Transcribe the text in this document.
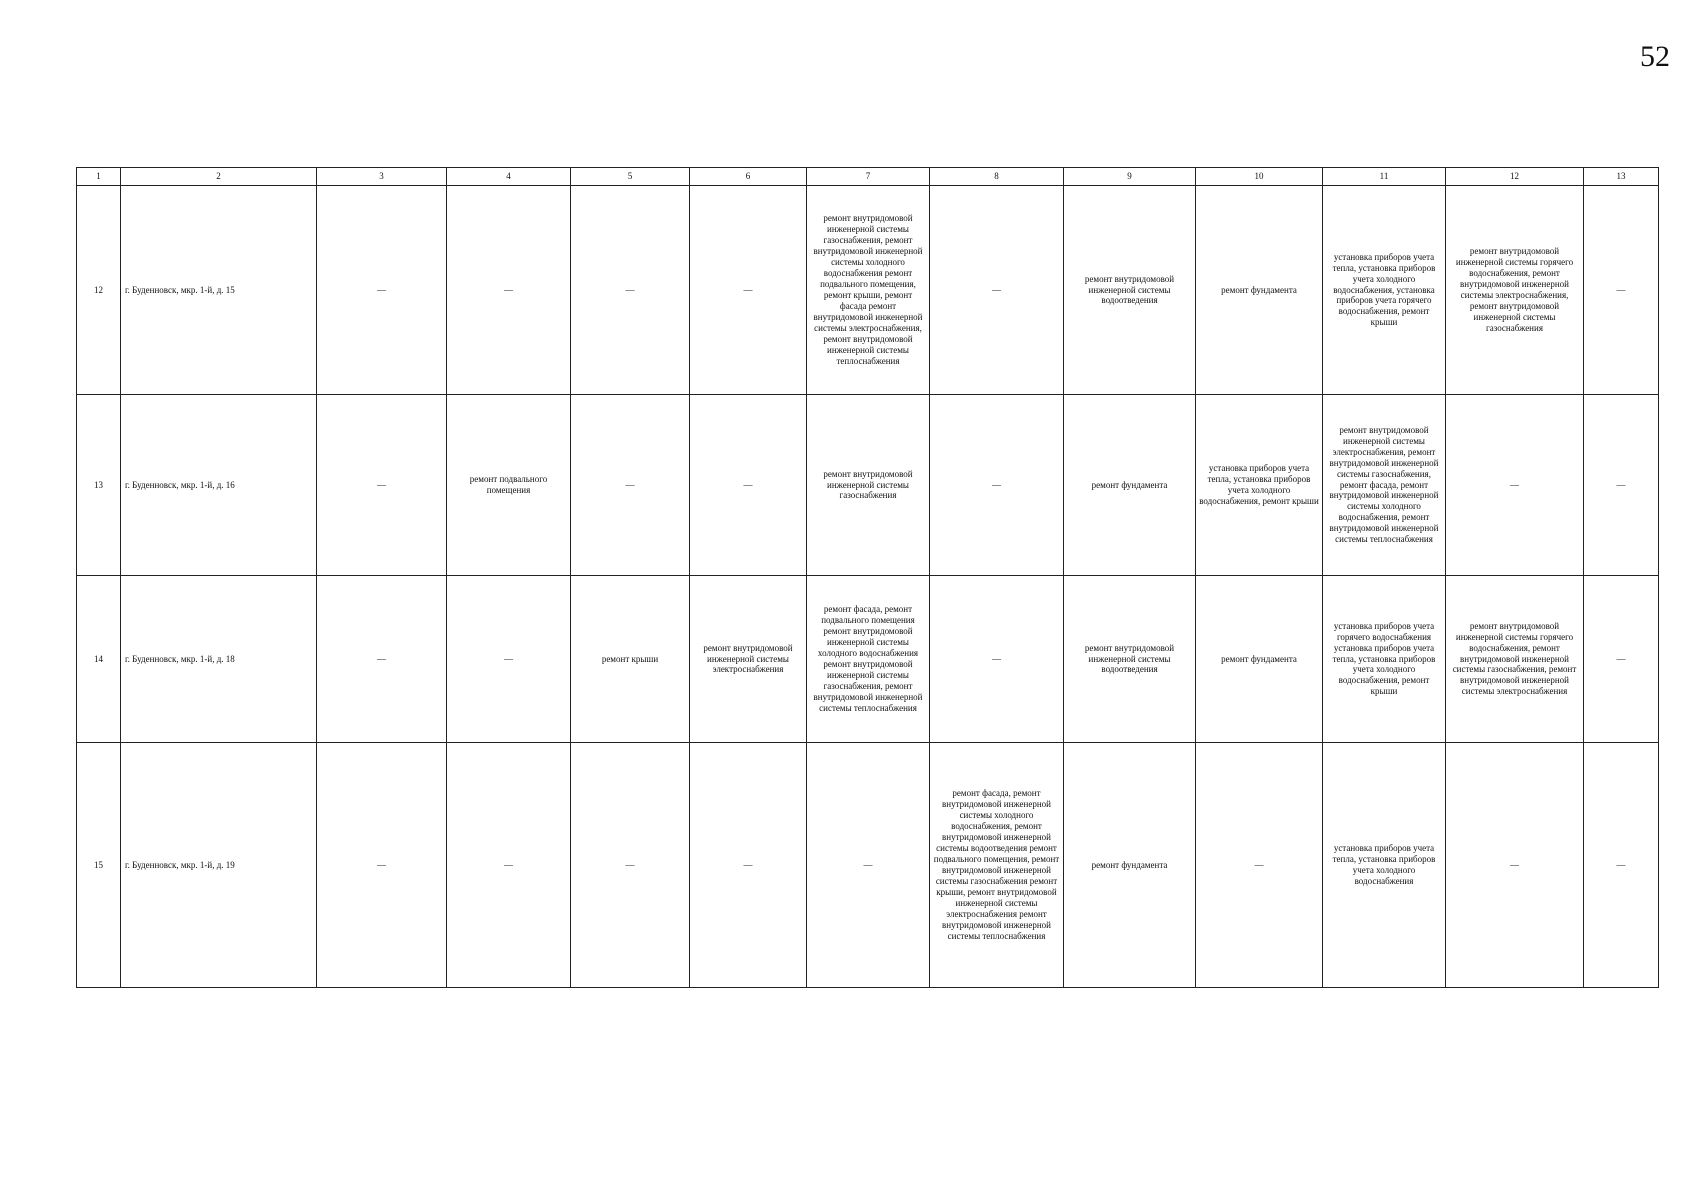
52
1	2	3	4	5	6	7	8	9	10	11	12	13
12	г. Буденновск, мкр. 1-й, д. 15	—	—	—	—	ремонт внутридомовой инженерной системы газоснабжения, ремонт внутридомовой инженерной системы холодного водоснабжения ремонт подвального помещения, ремонт крыши, ремонт фасада ремонт внутридомовой инженерной системы электроснабжения, ремонт внутридомовой инженерной системы теплоснабжения	—	ремонт внутридомовой инженерной системы водоотведения	ремонт фундамента	установка приборов учета тепла, установка приборов учета холодного водоснабжения, установка приборов учета горячего водоснабжения, ремонт крыши	ремонт внутридомовой инженерной системы горячего водоснабжения, ремонт внутридомовой инженерной системы электроснабжения, ремонт внутридомовой инженерной системы газоснабжения	—
13	г. Буденновск, мкр. 1-й, д. 16	—	ремонт подвального помещения	—	—	ремонт внутридомовой инженерной системы газоснабжения	—	ремонт фундамента	установка приборов учета тепла, установка приборов учета холодного водоснабжения, ремонт крыши	ремонт внутридомовой инженерной системы электроснабжения, ремонт внутридомовой инженерной системы газоснабжения, ремонт фасада, ремонт внутридомовой инженерной системы холодного водоснабжения, ремонт внутридомовой инженерной системы теплоснабжения	—	—
14	г. Буденновск, мкр. 1-й, д. 18	—	—	ремонт крыши	ремонт внутридомовой инженерной системы электроснабжения	ремонт фасада, ремонт подвального помещения ремонт внутридомовой инженерной системы холодного водоснабжения ремонт внутридомовой инженерной системы газоснабжения, ремонт внутридомовой инженерной системы теплоснабжения	—	ремонт внутридомовой инженерной системы водоотведения	ремонт фундамента	установка приборов учета горячего водоснабжения установка приборов учета тепла, установка приборов учета холодного водоснабжения, ремонт крыши	ремонт внутридомовой инженерной системы горячего водоснабжения, ремонт внутридомовой инженерной системы газоснабжения, ремонт внутридомовой инженерной системы электроснабжения	—
15	г. Буденновск, мкр. 1-й, д. 19	—	—	—	—	—	ремонт фасада, ремонт внутридомовой инженерной системы холодного водоснабжения, ремонт внутридомовой инженерной системы водоотведения ремонт подвального помещения, ремонт внутридомовой инженерной системы газоснабжения ремонт крыши, ремонт внутридомовой инженерной системы электроснабжения ремонт внутридомовой инженерной системы теплоснабжения	ремонт фундамента	—	установка приборов учета тепла, установка приборов учета холодного водоснабжения	—	—
